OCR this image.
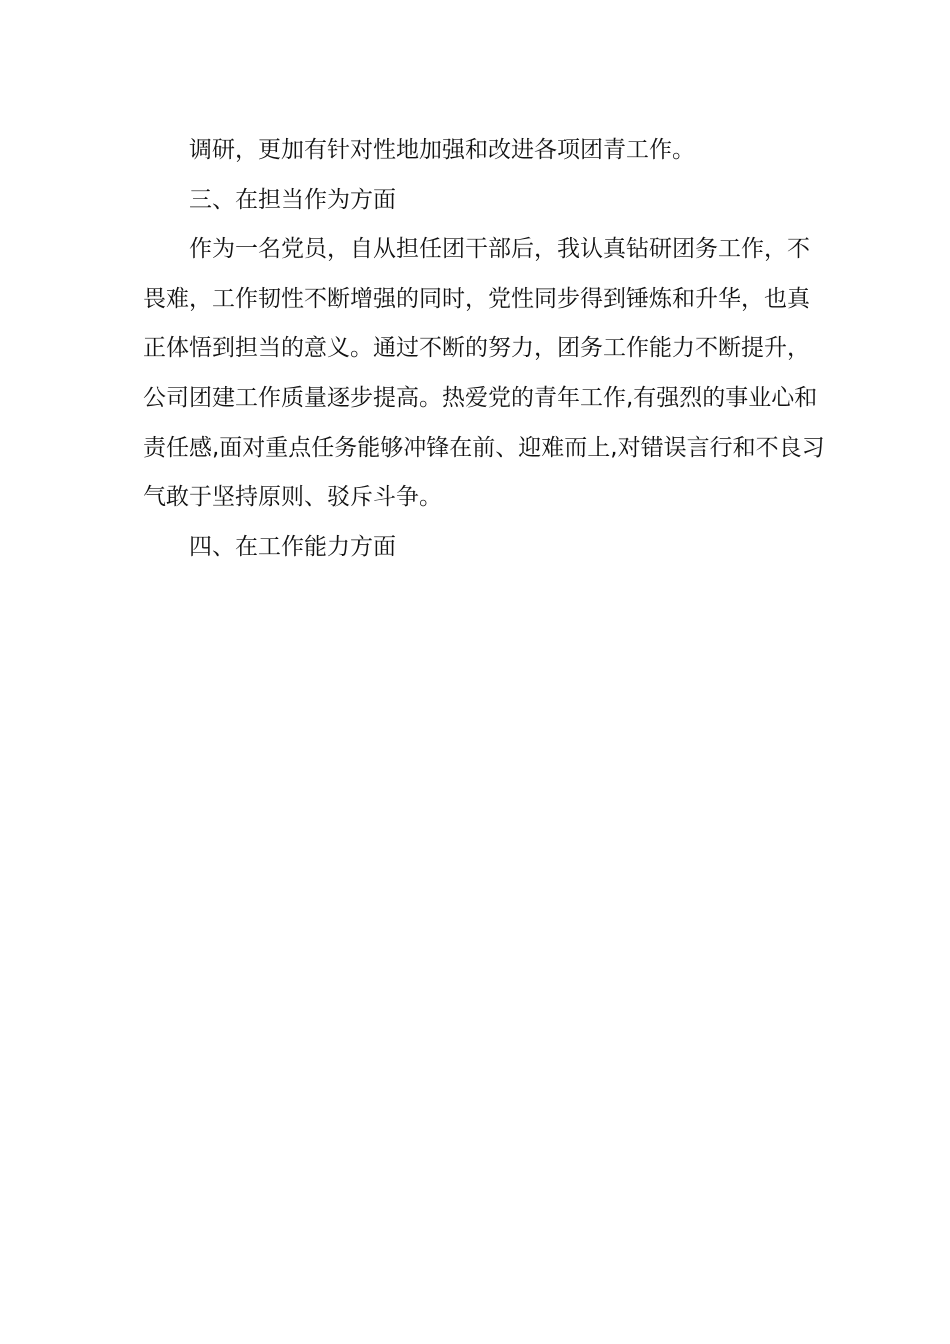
调研，更加有针对性地加强和改进各项团青工作。
三、在担当作为方面
作为一名党员，自从担任团干部后，我认真钻研团务工作，不
畏难，工作韧性不断增强的同时，党性同步得到锤炼和升华，也真
正体悟到担当的意义。通过不断的努力，团务工作能力不断提升，
公司团建工作质量逐步提高。热爱党的青年工作,有强烈的事业心和
责任感,面对重点任务能够冲锋在前、迎难而上,对错误言行和不良习
气敢于坚持原则、驳斥斗争。
四、在工作能力方面
